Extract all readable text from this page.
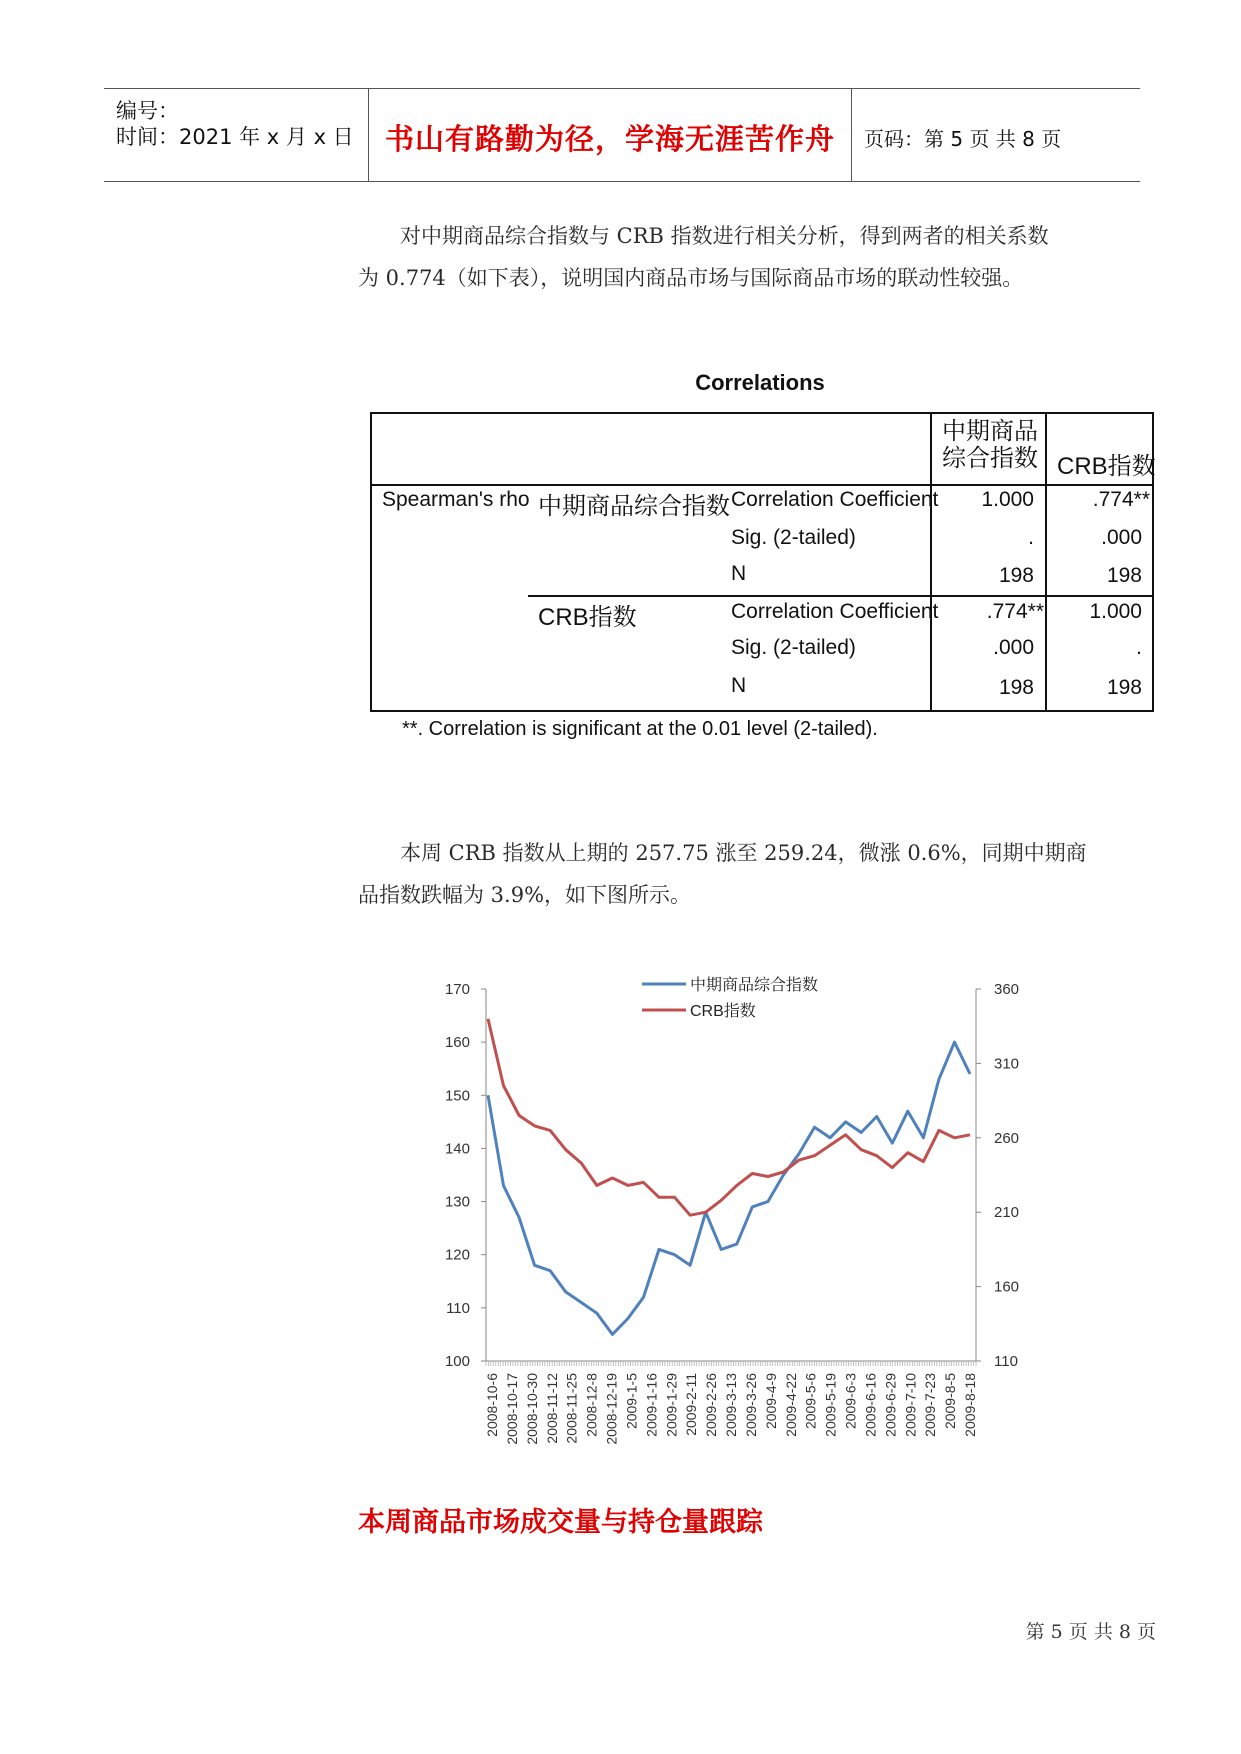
编号：
时间：2021 年 x 月 x 日	书山有路勤为径，学海无涯苦作舟	页码：第 5 页 共 8 页
对中期商品综合指数与 CRB 指数进行相关分析，得到两者的相关系数
为 0.774（如下表），说明国内商品市场与国际商品市场的联动性较强。
Correlations
中期商品
综合指数 CRB指数
Spearman's rho 中期商品综合指数
CRB指数
Correlation Coefficient
Sig. (2-tailed)
N
Correlation Coefficient
Sig. (2-tailed)
N
1.000
.
198
.774**
.000
198
.774**
.000
198
1.000
.
198
**. Correlation is significant at the 0.01 level (2-tailed).
本周 CRB 指数从上期的 257.75 涨至 259.24，微涨 0.6%，同期中期商
品指数跌幅为 3.9%，如下图所示。
100
110
120
130
140
150
160
170
110
160
210
260
310
360
2008-10-6 2008-10-17 2008-10-30 2008-11-12 2008-11-25 2008-12-8 2008-12-19 2009-1-5 2009-1-16 2009-1-29 2009-2-11 2009-2-26 2009-3-13 2009-3-26 2009-4-9 2009-4-22 2009-5-6 2009-5-19 2009-6-3 2009-6-16 2009-6-29 2009-7-10 2009-7-23 2009-8-5 2009-8-18
中期商品综合指数
CRB指数
本周商品市场成交量与持仓量跟踪
第 5 页 共 8 页
